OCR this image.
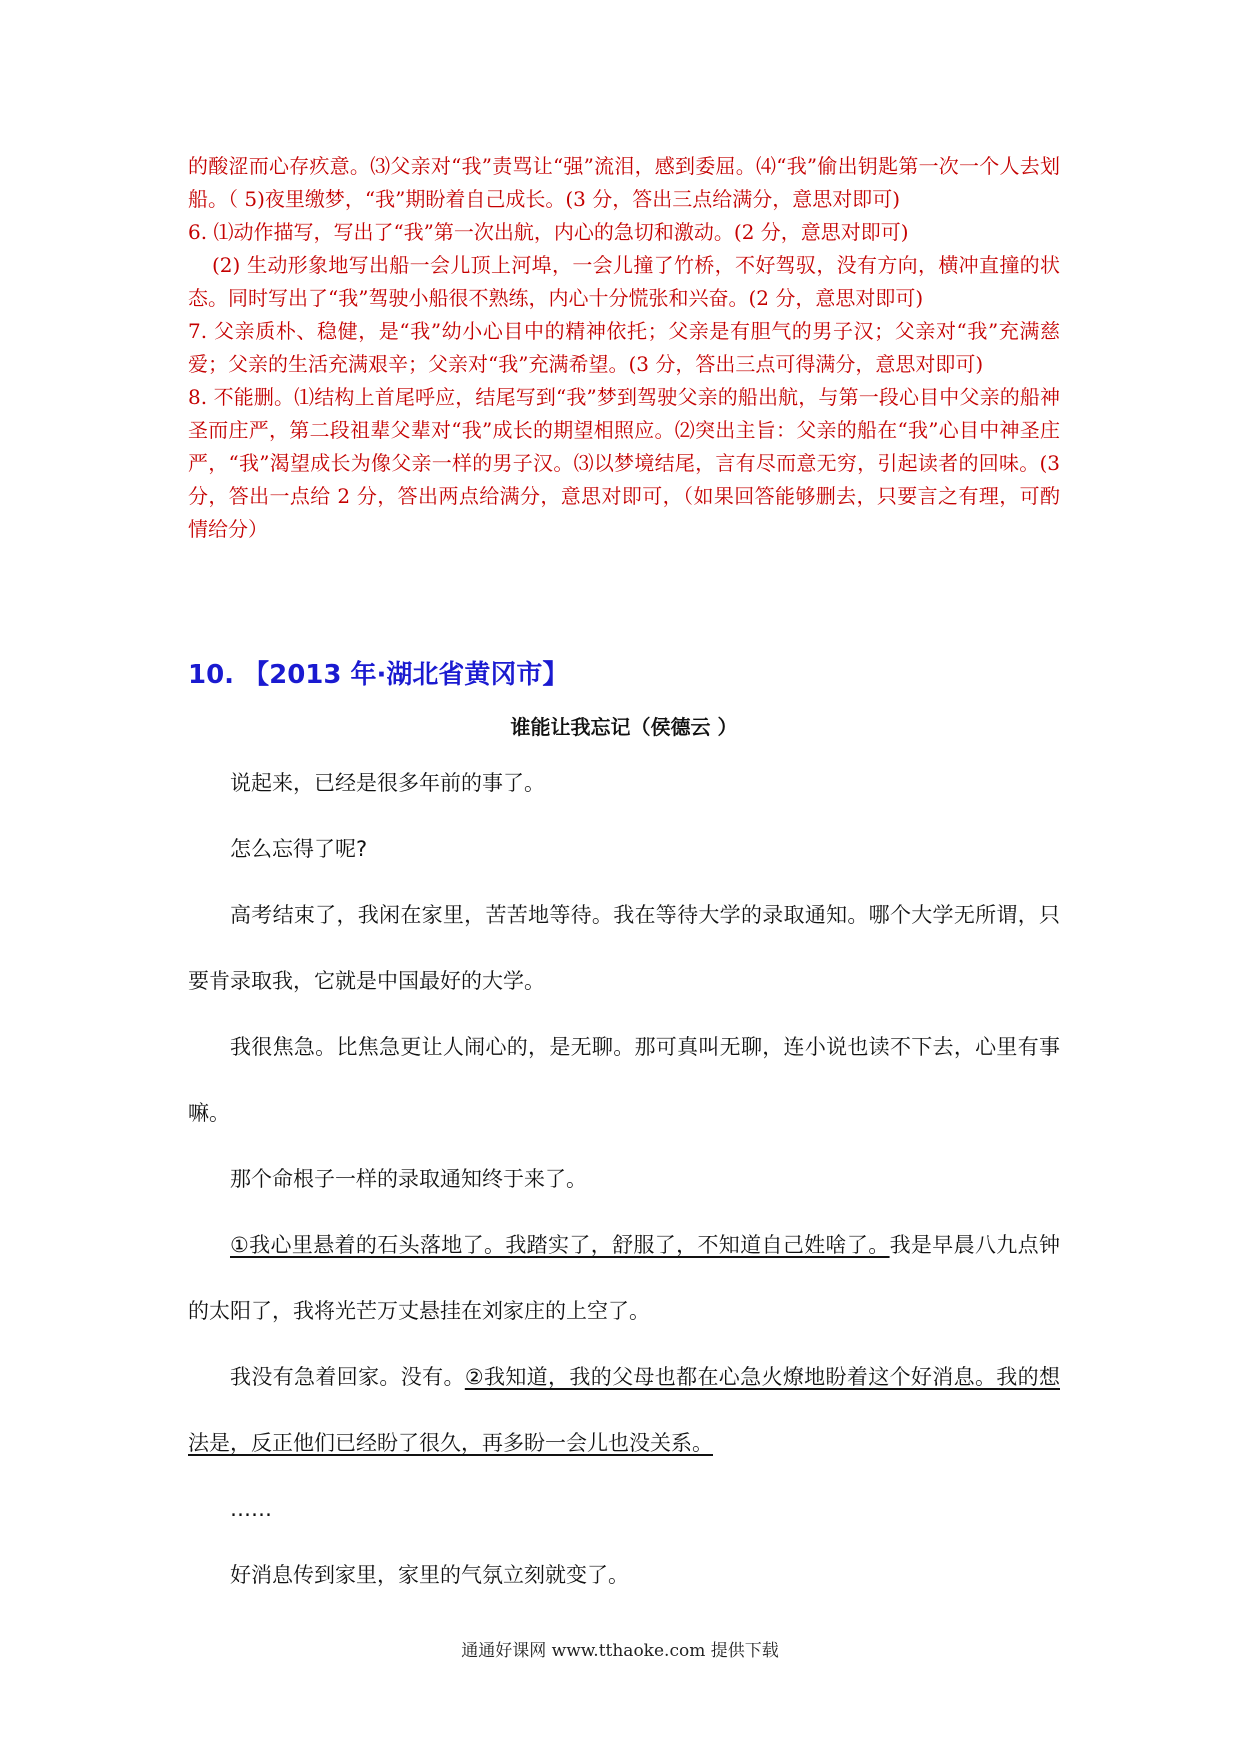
的酸涩而心存疚意。⑶父亲对“我”责骂让“强”流泪，感到委屈。⑷“我”偷出钥匙第一次一个人去划 船。（ 5)夜里缴梦，“我”期盼着自己成长。(3 分，答出三点给满分，意思对即可)

6. ⑴动作描写，写出了“我”第一次出航，内心的急切和激动。(2 分，意思对即可)

(2) 生动形象地写出船一会儿顶上河埠，一会儿撞了竹桥，不好驾驭，没有方向，横冲直撞的状态。同时写出了“我”驾驶小船很不熟练，内心十分慌张和兴奋。(2 分，意思对即可)

7. 父亲质朴、稳健，是“我”幼小心目中的精神依托；父亲是有胆气的男子汉；父亲对“我”充满慈爱；父亲的生活充满艰辛；父亲对“我”充满希望。(3 分，答出三点可得满分，意思对即可)

8. 不能删。⑴结构上首尾呼应，结尾写到“我”梦到驾驶父亲的船出航，与第一段心目中父亲的船神圣而庄严，第二段祖辈父辈对“我”成长的期望相照应。⑵突出主旨：父亲的船在“我”心目中神圣庄严，“我”渴望成长为像父亲一样的男子汉。⑶以梦境结尾，言有尽而意无穷，引起读者的回味。(3 分，答出一点给 2 分，答出两点给满分，意思对即可，（如果回答能够删去，只要言之有理，可酌情给分）

10. 【2013 年·湖北省黄冈市】
谁能让我忘记（侯德云 ）

说起来，已经是很多年前的事了。

怎么忘得了呢?

高考结束了，我闲在家里，苦苦地等待。我在等待大学的录取通知。哪个大学无所谓，只要肯录取我，它就是中国最好的大学。

我很焦急。比焦急更让人闹心的，是无聊。那可真叫无聊，连小说也读不下去，心里有事嘛。

那个命根子一样的录取通知终于来了。

①我心里悬着的石头落地了。我踏实了，舒服了，不知道自己姓啥了。我是早晨八九点钟的太阳了，我将光芒万丈悬挂在刘家庄的上空了。

我没有急着回家。没有。②我知道，我的父母也都在心急火燎地盼着这个好消息。我的想法是，反正他们已经盼了很久，再多盼一会儿也没关系。

……

好消息传到家里，家里的气氛立刻就变了。

通通好课网 www.tthaoke.com 提供下载
